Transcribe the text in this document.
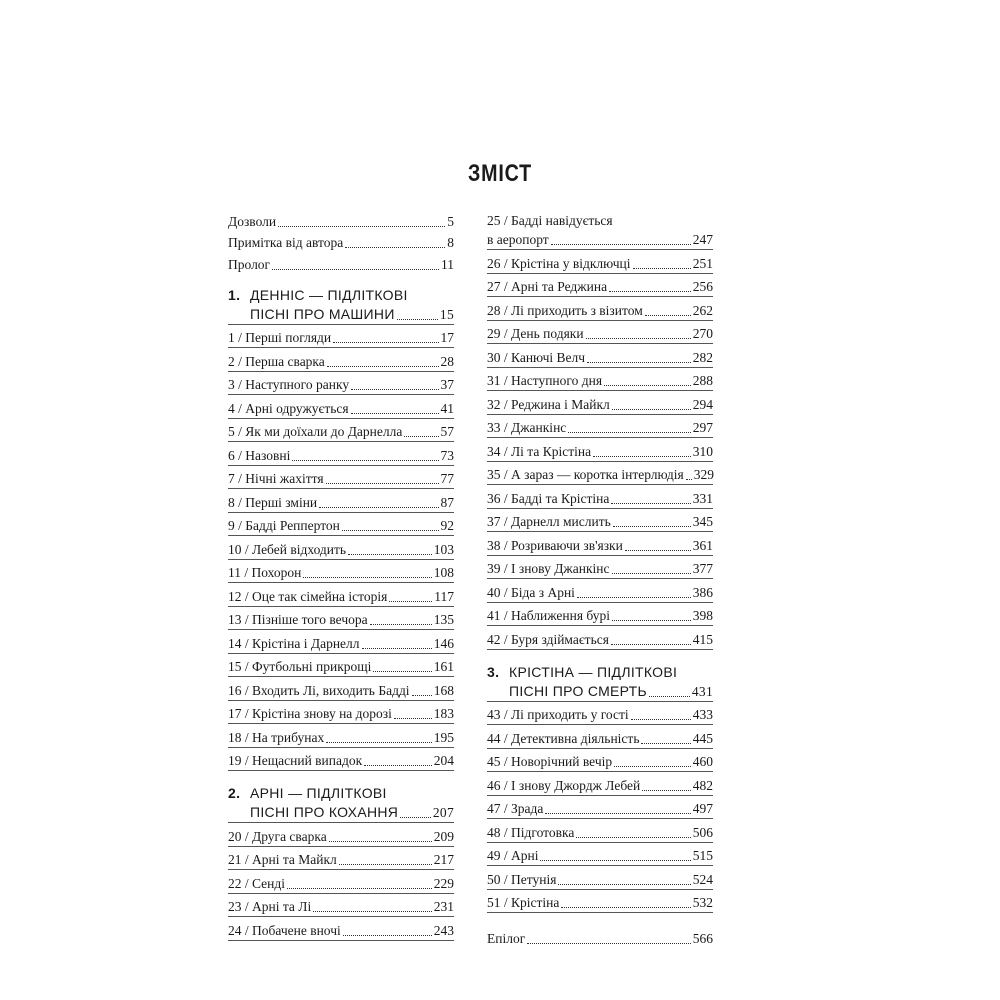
ЗМІСТ
Дозволи	5
Примітка від автора	8
Пролог	11
1. ДЕННІС — ПІДЛІТКОВІ
ПІСНІ ПРО МАШИНИ	15
1 / Перші погляди	17
2 / Перша сварка	28
3 / Наступного ранку	37
4 / Арні одружується	41
5 / Як ми доїхали до Дарнелла	57
6 / Назовні	73
7 / Нічні жахіття	77
8 / Перші зміни	87
9 / Бадді Реппертон	92
10 / Лебей відходить	103
11 / Похорон	108
12 / Оце так сімейна історія	117
13 / Пізніше того вечора	135
14 / Крістіна і Дарнелл	146
15 / Футбольні прикрощі	161
16 / Входить Лі, виходить Бадді 168
17 / Крістіна знову на дорозі	183
18 / На трибунах	195
19 / Нещасний випадок	204
2. АРНІ — ПІДЛІТКОВІ
ПІСНІ ПРО КОХАННЯ	207
20 / Друга сварка	209
21 / Арні та Майкл	217
22 / Сенді	229
23 / Арні та Лі	231
24 / Побачене вночі	243
25 / Бадді навідується
в аеропорт	247
26 / Крістіна у відключці	251
27 / Арні та Реджина	256
28 / Лі приходить з візитом	262
29 / День подяки	270
30 / Канючі Велч	282
31 / Наступного дня	288
32 / Реджина і Майкл	294
33 / Джанкінс	297
34 / Лі та Крістіна	310
35 / А зараз — коротка інтерлюдія 329
36 / Бадді та Крістіна	331
37 / Дарнелл мислить	345
38 / Розриваючи зв'язки	361
39 / І знову Джанкінс	377
40 / Біда з Арні	386
41 / Наближення бурі	398
42 / Буря здіймається	415
3. КРІСТІНА — ПІДЛІТКОВІ
ПІСНІ ПРО СМЕРТЬ	431
43 / Лі приходить у гості	433
44 / Детективна діяльність	445
45 / Новорічний вечір	460
46 / І знову Джордж Лебей	482
47 / Зрада	497
48 / Підготовка	506
49 / Арні	515
50 / Петунія	524
51 / Крістіна	532
Епілог	566
